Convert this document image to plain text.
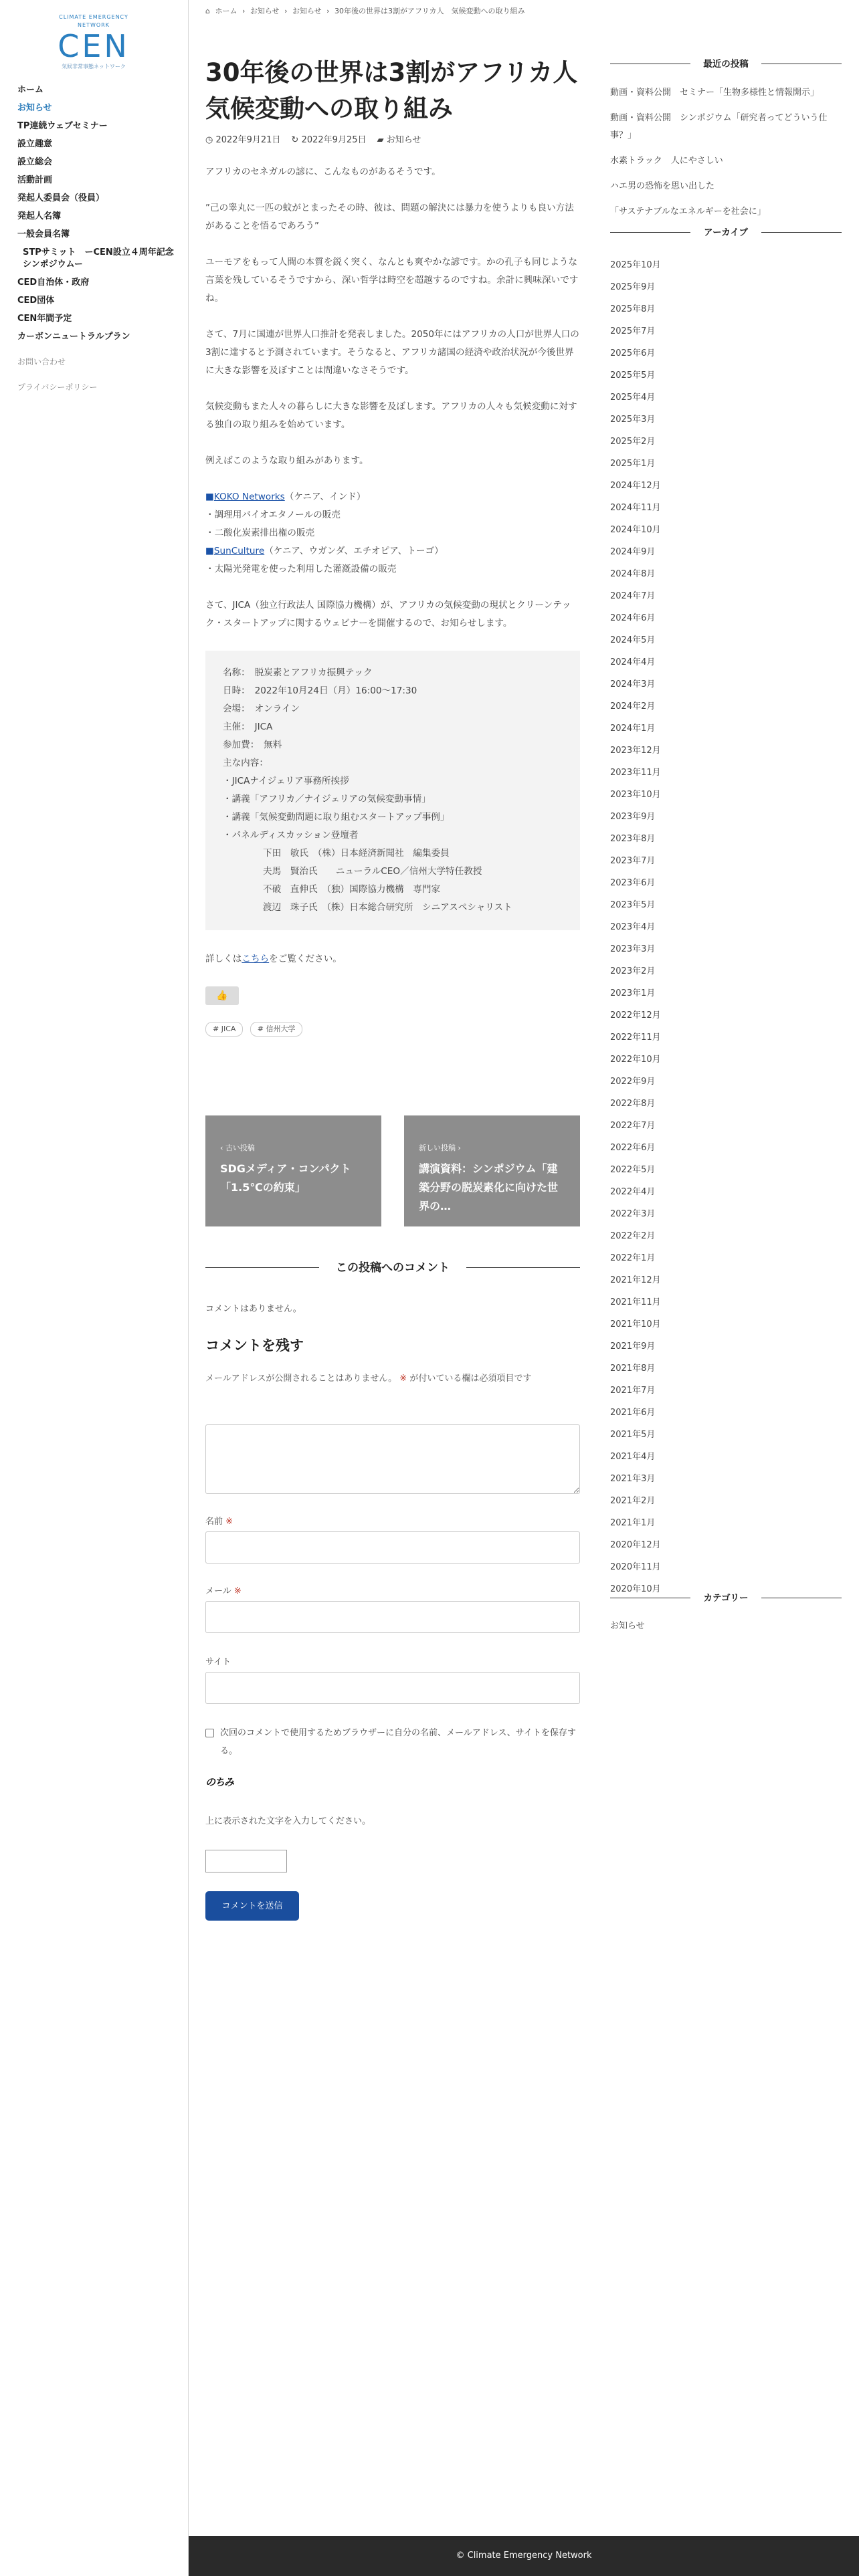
CLIMATE EMERGENCY NETWORK
CEN
気候非常事態ネットワーク
ホーム
お知らせ
TP連続ウェブセミナー
設立趣意
設立総会
活動計画
発起人委員会（役員）
発起人名簿
一般会員名簿
STPサミット　ーCEN設立４周年記念 シンポジウムー
CED自治体・政府
CED団体
CEN年間予定
カーボンニュートラルプラン
お問い合わせ
プライバシーポリシー
⌂ ホーム › お知らせ › お知らせ › 30年後の世界は3割がアフリカ人　気候変動への取り組み
30年後の世界は3割がアフリカ人　気候変動への取り組み
◷ 2022年9月21日 ↻ 2022年9月25日 ▰ お知らせ

アフリカのセネガルの諺に、こんなものがあるそうです。

”己の睾丸に一匹の蚊がとまったその時、彼は、問題の解決には暴力を使うよりも良い方法があることを悟るであろう”

ユーモアをもって人間の本質を鋭く突く、なんとも爽やかな諺です。かの孔子も同じような言葉を残しているそうですから、深い哲学は時空を超越するのですね。余計に興味深いですね。

さて、7月に国連が世界人口推計を発表しました。2050年にはアフリカの人口が世界人口の3割に達すると予測されています。そうなると、アフリカ諸国の経済や政治状況が今後世界に大きな影響を及ぼすことは間違いなさそうです。

気候変動もまた人々の暮らしに大きな影響を及ぼします。アフリカの人々も気候変動に対する独自の取り組みを始めています。

例えばこのような取り組みがあります。

■KOKO Networks（ケニア、インド）
・調理用バイオエタノールの販売
・二酸化炭素排出権の販売
■SunCulture（ケニア、ウガンダ、エチオピア、トーゴ）
・太陽光発電を使った利用した灌漑設備の販売

さて、JICA（独立行政法人 国際協力機構）が、アフリカの気候変動の現状とクリーンテック・スタートアップに関するウェビナーを開催するので、お知らせします。

名称：　脱炭素とアフリカ振興テック
日時：　2022年10月24日（月）16:00〜17:30
会場：　オンライン
主催：　JICA
参加費：　無料
主な内容：
・JICAナイジェリア事務所挨拶
・講義「アフリカ／ナイジェリアの気候変動事情」
・講義「気候変動問題に取り組むスタートアップ事例」
・パネルディスカッション登壇者
下田　敏氏　（株）日本経済新聞社　編集委員
夫馬　賢治氏　　ニューラルCEO／信州大学特任教授
不破　直伸氏　（独）国際協力機構　専門家
渡辺　珠子氏　（株）日本総合研究所　シニアスペシャリスト

詳しくはこちらをご覧ください。

👍
# JICA	# 信州大学
‹ 古い投稿
SDGメディア・コンパクト「1.5℃の約束」
新しい投稿 ›
講演資料：シンポジウム「建築分野の脱炭素化に向けた世界の…
この投稿へのコメント
コメントはありません。
コメントを残す
メールアドレスが公開されることはありません。 ※ が付いている欄は必須項目です
名前 ※
メール ※
サイト
次回のコメントで使用するためブラウザーに自分の名前、メールアドレス、サイトを保存する。
のちみ
上に表示された文字を入力してください。
コメントを送信
最近の投稿
動画・資料公開　セミナー「生物多様性と情報開示」
動画・資料公開　シンポジウム「研究者ってどういう仕事？」
水素トラック　人にやさしい
ハエ男の恐怖を思い出した
「サステナブルなエネルギーを社会に」
アーカイブ
2025年10月
2025年9月
2025年8月
2025年7月
2025年6月
2025年5月
2025年4月
2025年3月
2025年2月
2025年1月
2024年12月
2024年11月
2024年10月
2024年9月
2024年8月
2024年7月
2024年6月
2024年5月
2024年4月
2024年3月
2024年2月
2024年1月
2023年12月
2023年11月
2023年10月
2023年9月
2023年8月
2023年7月
2023年6月
2023年5月
2023年4月
2023年3月
2023年2月
2023年1月
2022年12月
2022年11月
2022年10月
2022年9月
2022年8月
2022年7月
2022年6月
2022年5月
2022年4月
2022年3月
2022年2月
2022年1月
2021年12月
2021年11月
2021年10月
2021年9月
2021年8月
2021年7月
2021年6月
2021年5月
2021年4月
2021年3月
2021年2月
2021年1月
2020年12月
2020年11月
2020年10月
カテゴリー
お知らせ
© Climate Emergency Network
